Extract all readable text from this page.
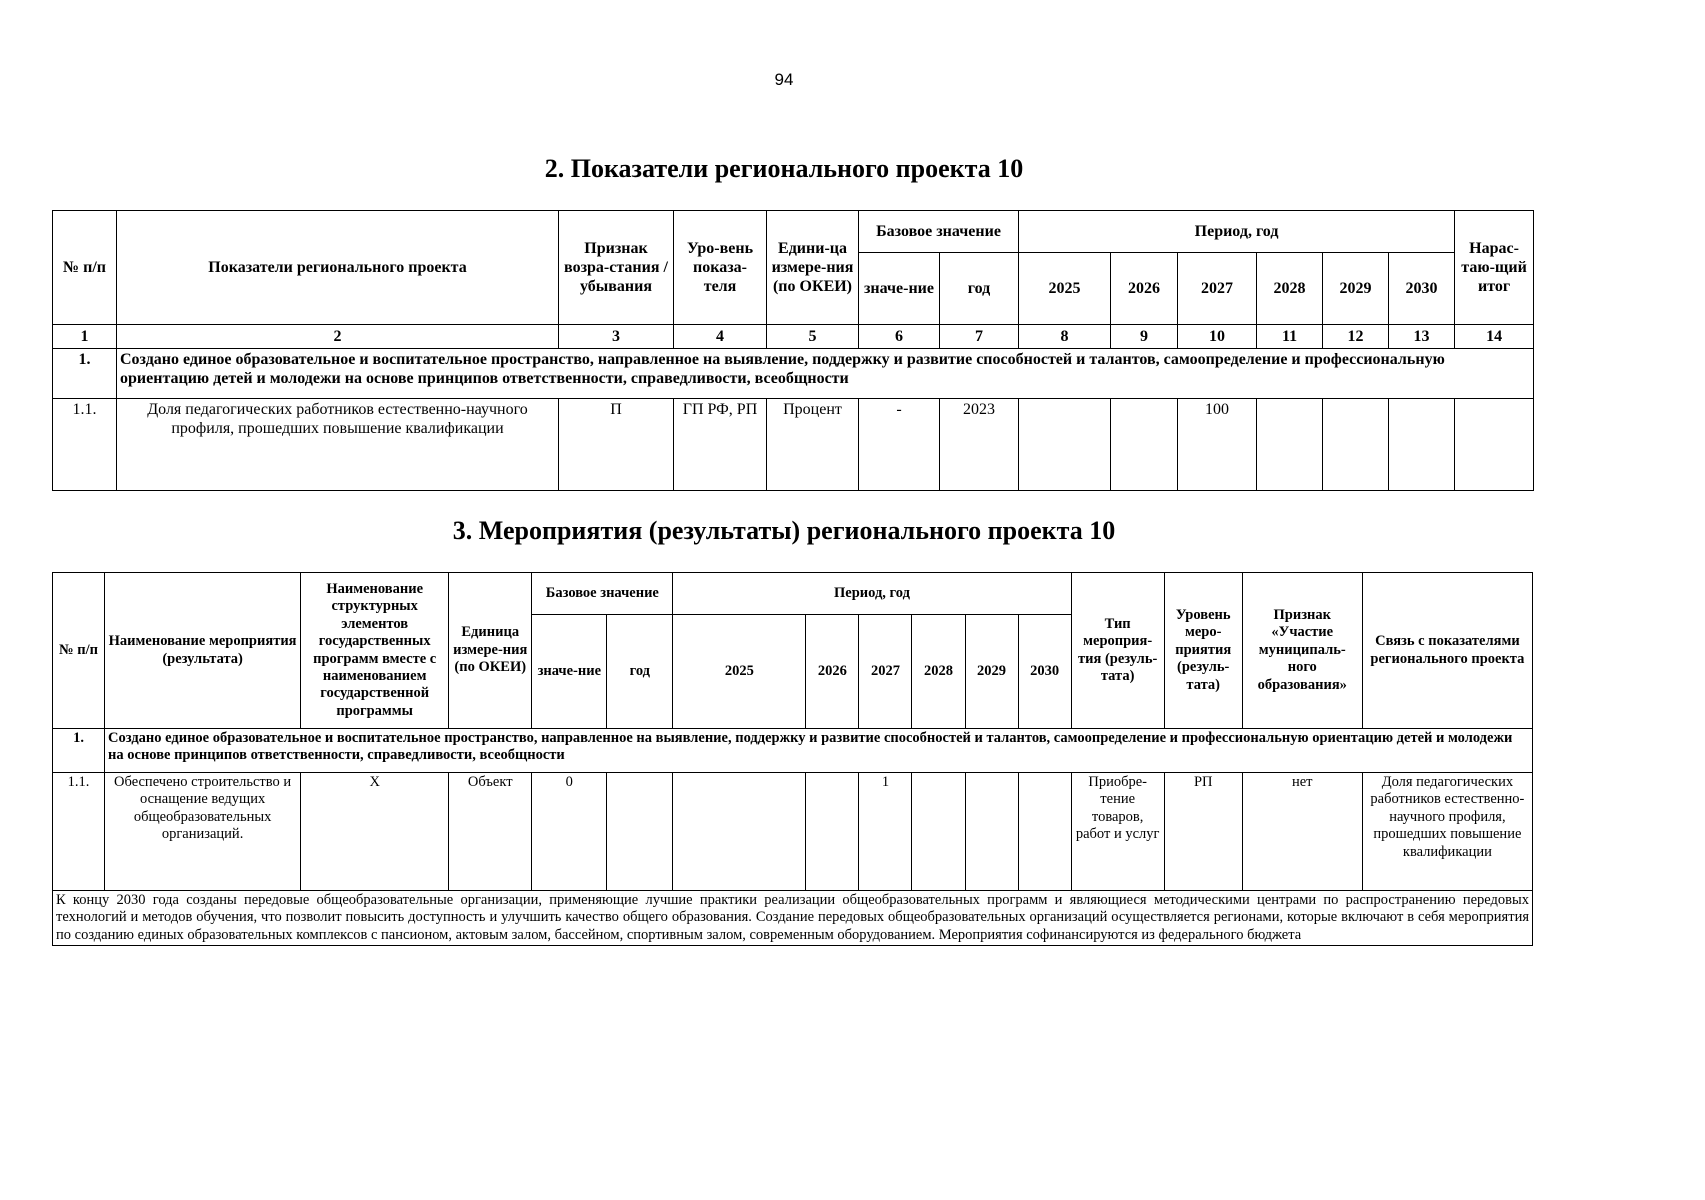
94
2. Показатели регионального проекта 10
№ п/п	Показатели регионального проекта	Признак возра-стания / убывания	Уро-вень показа-теля	Едини-ца измере-ния (по ОКЕИ)	Базовое значение		Период, год						Нарас-таю-щий итог
					значе-ние	год	2025	2026	2027	2028	2029	2030	
1	2	3	4	5	6	7	8	9	10	11	12	13	14
1.	Создано единое образовательное и воспитательное пространство, направленное на выявление, поддержку и развитие способностей и талантов, самоопределение и профессиональную ориентацию детей и молодежи на основе принципов ответственности, справедливости, всеобщности												
1.1.	Доля педагогических работников естественно-научного профиля, прошедших повышение квалификации	П	ГП РФ, РП	Процент	-	2023			100				
3. Мероприятия (результаты) регионального проекта 10
№ п/п	Наименование мероприятия (результата)	Наименование структурных элементов государственных программ вместе с наименованием государственной программы	Единица измере-ния (по ОКЕИ)	Базовое значение		Период, год						Тип мероприя-тия (резуль-тата)	Уровень меро-приятия (резуль-тата)	Признак «Участие муниципаль-ного образования»	Связь с показателями регионального проекта
				значе-ние	год	2025	2026	2027	2028	2029	2030				
1.	Создано единое образовательное и воспитательное пространство, направленное на выявление, поддержку и развитие способностей и талантов, самоопределение и профессиональную ориентацию детей и молодежи на основе принципов ответственности, справедливости, всеобщности														
1.1.	Обеспечено строительство и оснащение ведущих общеобразовательных организаций.	Х	Объект	0				1				Приобре-тение товаров, работ и услуг	РП	нет	Доля педагогических работников естественно-научного профиля, прошедших повышение квалификации
К концу 2030 года созданы передовые общеобразовательные организации, применяющие лучшие практики реализации общеобразовательных программ и являющиеся методическими центрами по распространению передовых технологий и методов обучения, что позволит повысить доступность и улучшить качество общего образования. Создание передовых общеобразовательных организаций осуществляется регионами, которые включают в себя мероприятия по созданию единых образовательных комплексов с пансионом, актовым залом, бассейном, спортивным залом, современным оборудованием. Мероприятия софинансируются из федерального бюджета															
